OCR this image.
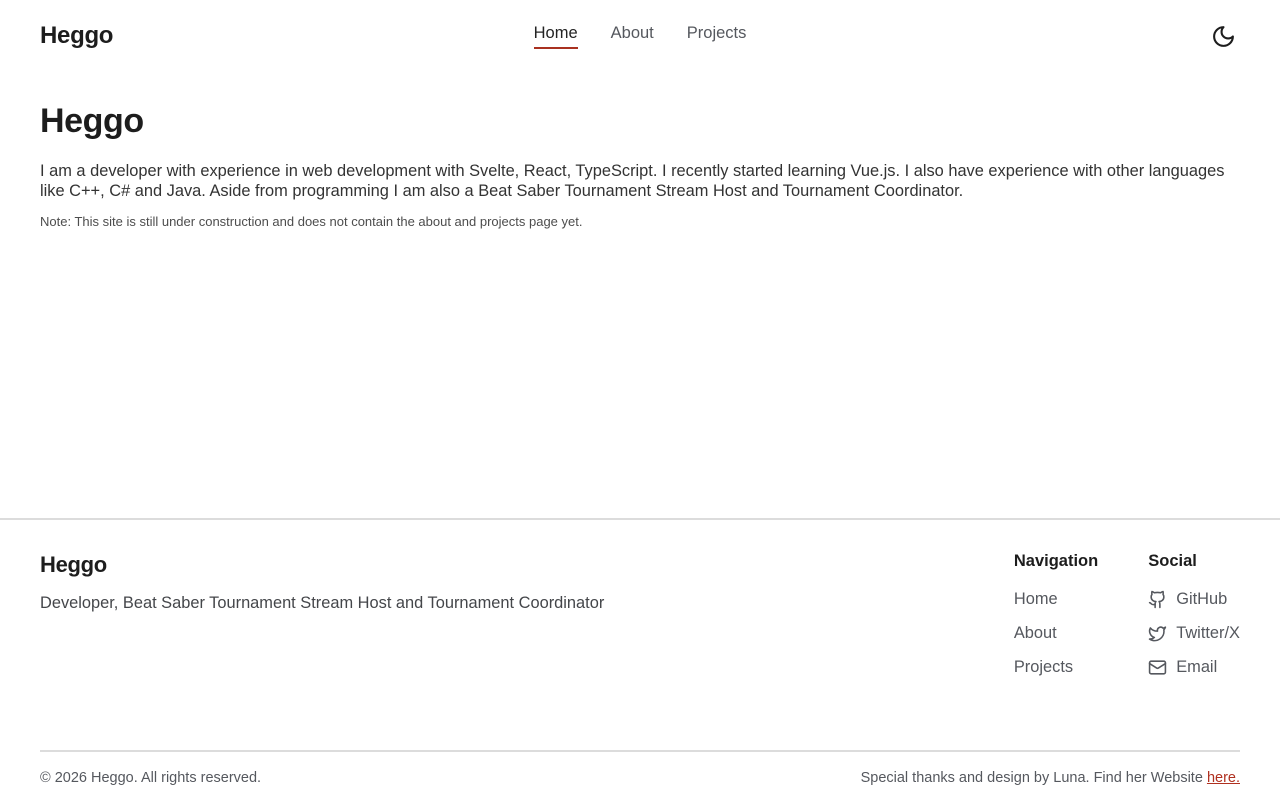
Heggo	Home About Projects
Heggo

I am a developer with experience in web development with Svelte, React, TypeScript. I recently started learning Vue.js. I also have experience with other languages like C++, C# and Java. Aside from programming I am also a Beat Saber Tournament Stream Host and Tournament Coordinator.

Note: This site is still under construction and does not contain the about and projects page yet.

Heggo
Developer, Beat Saber Tournament Stream Host and Tournament Coordinator
Navigation
Home
About
Projects
Social
GitHub
Twitter/X
Email
© 2026 Heggo. All rights reserved.	Special thanks and design by Luna. Find her Website here.
